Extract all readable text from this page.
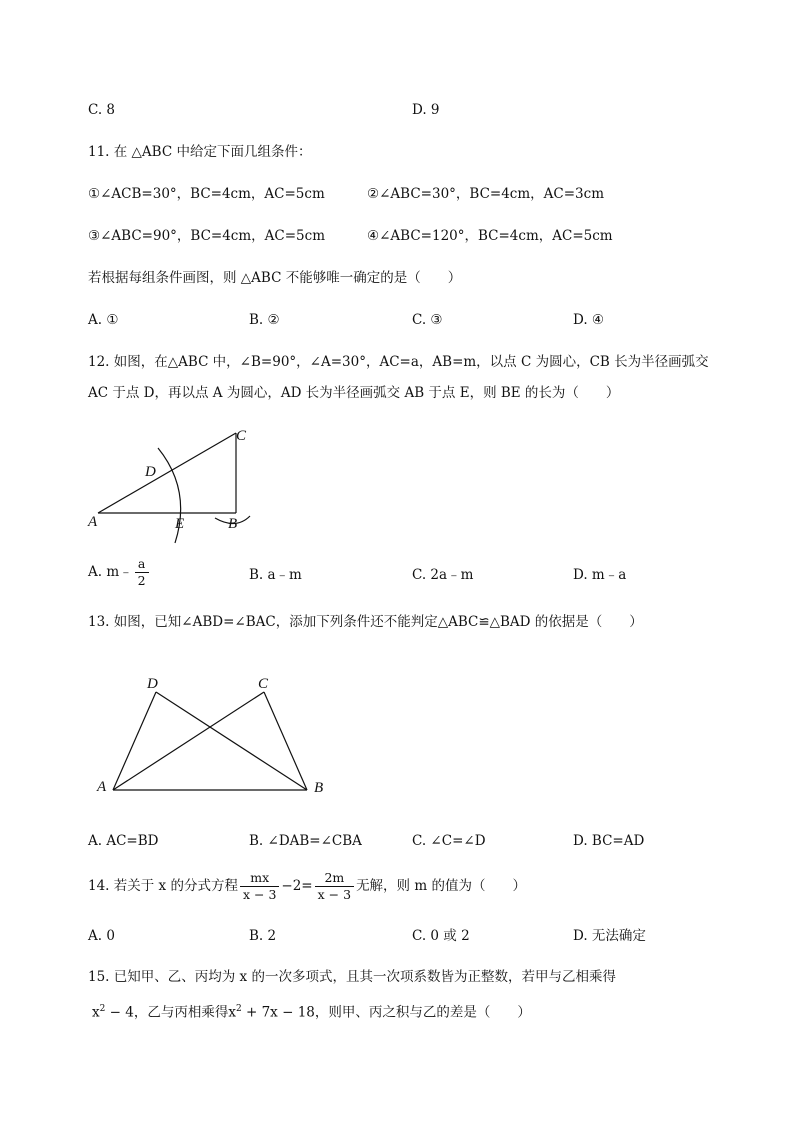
C. 8	D. 9
11. 在 △ABC 中给定下面几组条件：
①∠ACB=30°，BC=4cm，AC=5cm	②∠ABC=30°，BC=4cm，AC=3cm
③∠ABC=90°，BC=4cm，AC=5cm	④∠ABC=120°，BC=4cm，AC=5cm
若根据每组条件画图，则 △ABC 不能够唯一确定的是（　　）
A. ①	B. ②	C. ③	D. ④
12. 如图，在△ABC 中，∠B=90°，∠A=30°，AC=a，AB=m，以点 C 为圆心，CB 长为半径画弧交
AC 于点 D，再以点 A 为圆心，AD 长为半径画弧交 AB 于点 E，则 BE 的长为（　　）
C
D
A	E	B
A. m﹣ $\frac{a}{2}$	B. a﹣m	C. 2a﹣m	D. m﹣a
13. 如图，已知∠ABD=∠BAC，添加下列条件还不能判定△ABC≌△BAD 的依据是（　　）
D	C
A	B
A. AC=BD	B. ∠DAB=∠CBA	C. ∠C=∠D	D. BC=AD
14. 若关于 x 的分式方程 $\frac{mx}{x - 3} -2= \frac{2m}{x - 3}$ 无解，则 m 的值为（　　）
A. 0	B. 2	C. 0 或 2	D. 无法确定
15. 已知甲、乙、丙均为 x 的一次多项式，且其一次项系数皆为正整数，若甲与乙相乘得
$x^2 - 4$，乙与丙相乘得$x^2 + 7x - 18$，则甲、丙之积与乙的差是（　　）
